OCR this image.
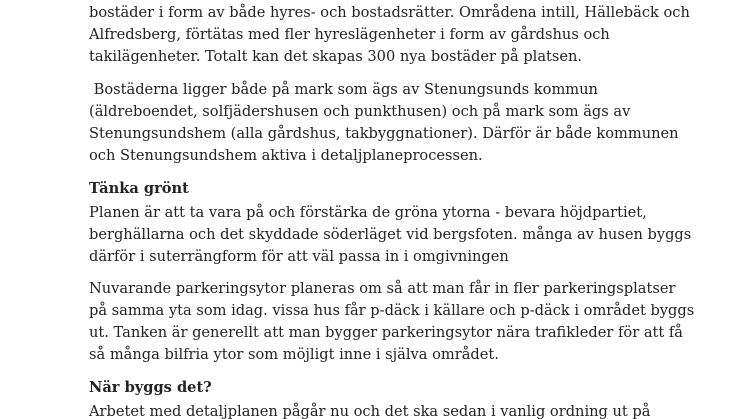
bostäder i form av både hyres- och bostadsrätter. Områdena intill, Hällebäck och

Alfredsberg, förtätas med fler hyreslägenheter i form av gårdshus och

takilägenheter. Totalt kan det skapas 300 nya bostäder på platsen.

Bostäderna ligger både på mark som ägs av Stenungsunds kommun

(äldreboendet, solfjädershusen och punkthusen) och på mark som ägs av

Stenungsundshem (alla gårdshus, takbyggnationer). Därför är både kommunen

och Stenungsundshem aktiva i detaljplaneprocessen.

Tänka grönt

Planen är att ta vara på och förstärka de gröna ytorna - bevara höjdpartiet,

berghällarna och det skyddade söderläget vid bergsfoten. många av husen byggs

därför i suterrängform för att väl passa in i omgivningen

Nuvarande parkeringsytor planeras om så att man får in fler parkeringsplatser

på samma yta som idag. vissa hus får p-däck i källare och p-däck i området byggs

ut. Tanken är generellt att man bygger parkeringsytor nära trafikleder för att få

så många bilfria ytor som möjligt inne i själva området.

När byggs det?

Arbetet med detaljplanen pågår nu och det ska sedan i vanlig ordning ut på
